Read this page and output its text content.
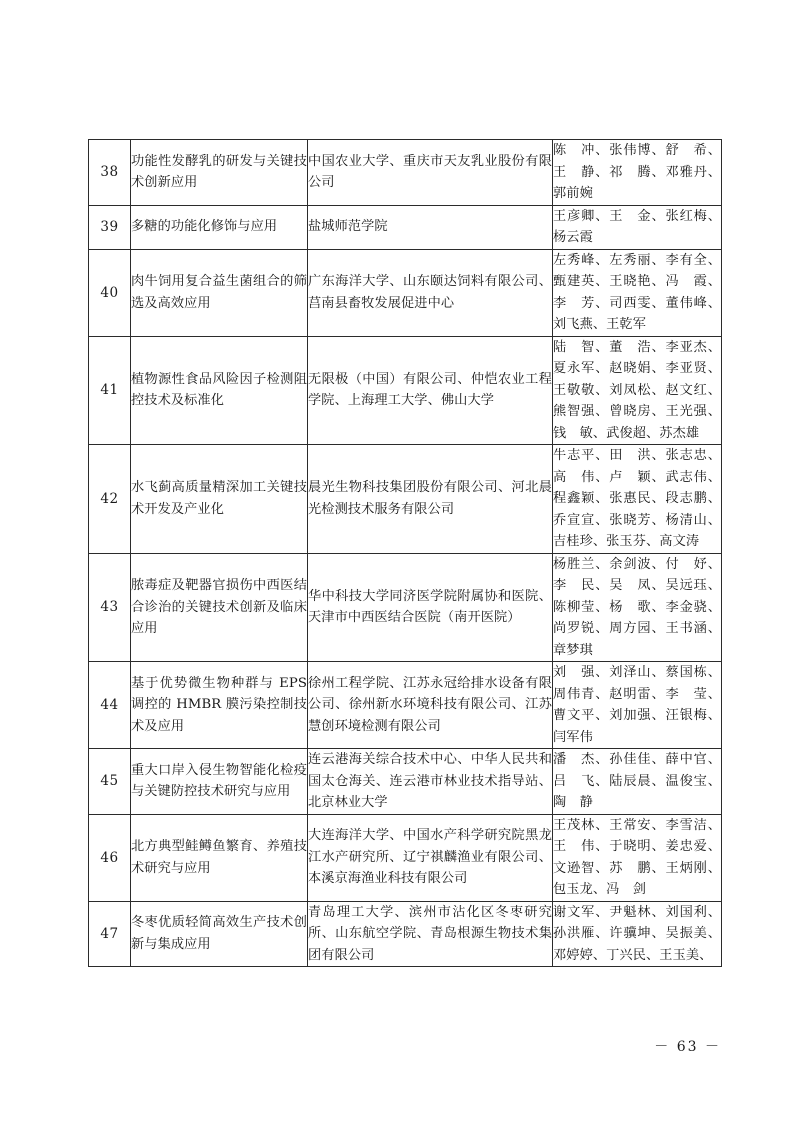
38	功能性发酵乳的研发与关键技术创新应用	中国农业大学、重庆市天友乳业股份有限公司	陈　冲、张伟博、舒　希、王　静、祁　腾、邓雅丹、郭前婉
39	多糖的功能化修饰与应用	盐城师范学院	王彦卿、王　金、张红梅、杨云霞
40	肉牛饲用复合益生菌组合的筛选及高效应用	广东海洋大学、山东颐达饲料有限公司、莒南县畜牧发展促进中心	左秀峰、左秀丽、李有全、甄建英、王晓艳、冯　霞、李　芳、司西雯、董伟峰、刘飞燕、王乾军
41	植物源性食品风险因子检测阻控技术及标准化	无限极（中国）有限公司、仲恺农业工程学院、上海理工大学、佛山大学	陆　智、董　浩、李亚杰、夏永军、赵晓娟、李亚贤、王敬敬、刘凤松、赵文红、熊智强、曾晓房、王光强、钱　敏、武俊超、苏杰雄
42	水飞蓟高质量精深加工关键技术开发及产业化	晨光生物科技集团股份有限公司、河北晨光检测技术服务有限公司	牛志平、田　洪、张志忠、高　伟、卢　颖、武志伟、程鑫颖、张惠民、段志鹏、乔宣宣、张晓芳、杨清山、吉桂珍、张玉芬、高文涛
43	脓毒症及靶器官损伤中西医结合诊治的关键技术创新及临床应用	华中科技大学同济医学院附属协和医院、天津市中西医结合医院（南开医院）	杨胜兰、余剑波、付　妤、李　民、吴　凤、吴远珏、陈柳莹、杨　歌、李金骁、尚罗锐、周方园、王书涵、章梦琪
44	基于优势微生物种群与 EPS 调控的 HMBR 膜污染控制技术及应用	徐州工程学院、江苏永冠给排水设备有限公司、徐州新水环境科技有限公司、江苏慧创环境检测有限公司	刘　强、刘泽山、蔡国栋、周伟青、赵明雷、李　莹、曹文平、刘加强、汪银梅、闫军伟
45	重大口岸入侵生物智能化检疫与关键防控技术研究与应用	连云港海关综合技术中心、中华人民共和国太仓海关、连云港市林业技术指导站、北京林业大学	潘　杰、孙佳佳、薛中官、吕　飞、陆辰晨、温俊宝、陶　静
46	北方典型鲑鳟鱼繁育、养殖技术研究与应用	大连海洋大学、中国水产科学研究院黑龙江水产研究所、辽宁祺麟渔业有限公司、本溪京海渔业科技有限公司	王茂林、王常安、李雪洁、王　伟、于晓明、姜忠爱、文逊智、苏　鹏、王炳刚、包玉龙、冯　剑
47	冬枣优质轻简高效生产技术创新与集成应用	青岛理工大学、滨州市沾化区冬枣研究所、山东航空学院、青岛根源生物技术集团有限公司	谢文军、尹魁林、刘国利、孙洪雁、许骥坤、吴振美、邓婷婷、丁兴民、王玉美、
－ 63 －
